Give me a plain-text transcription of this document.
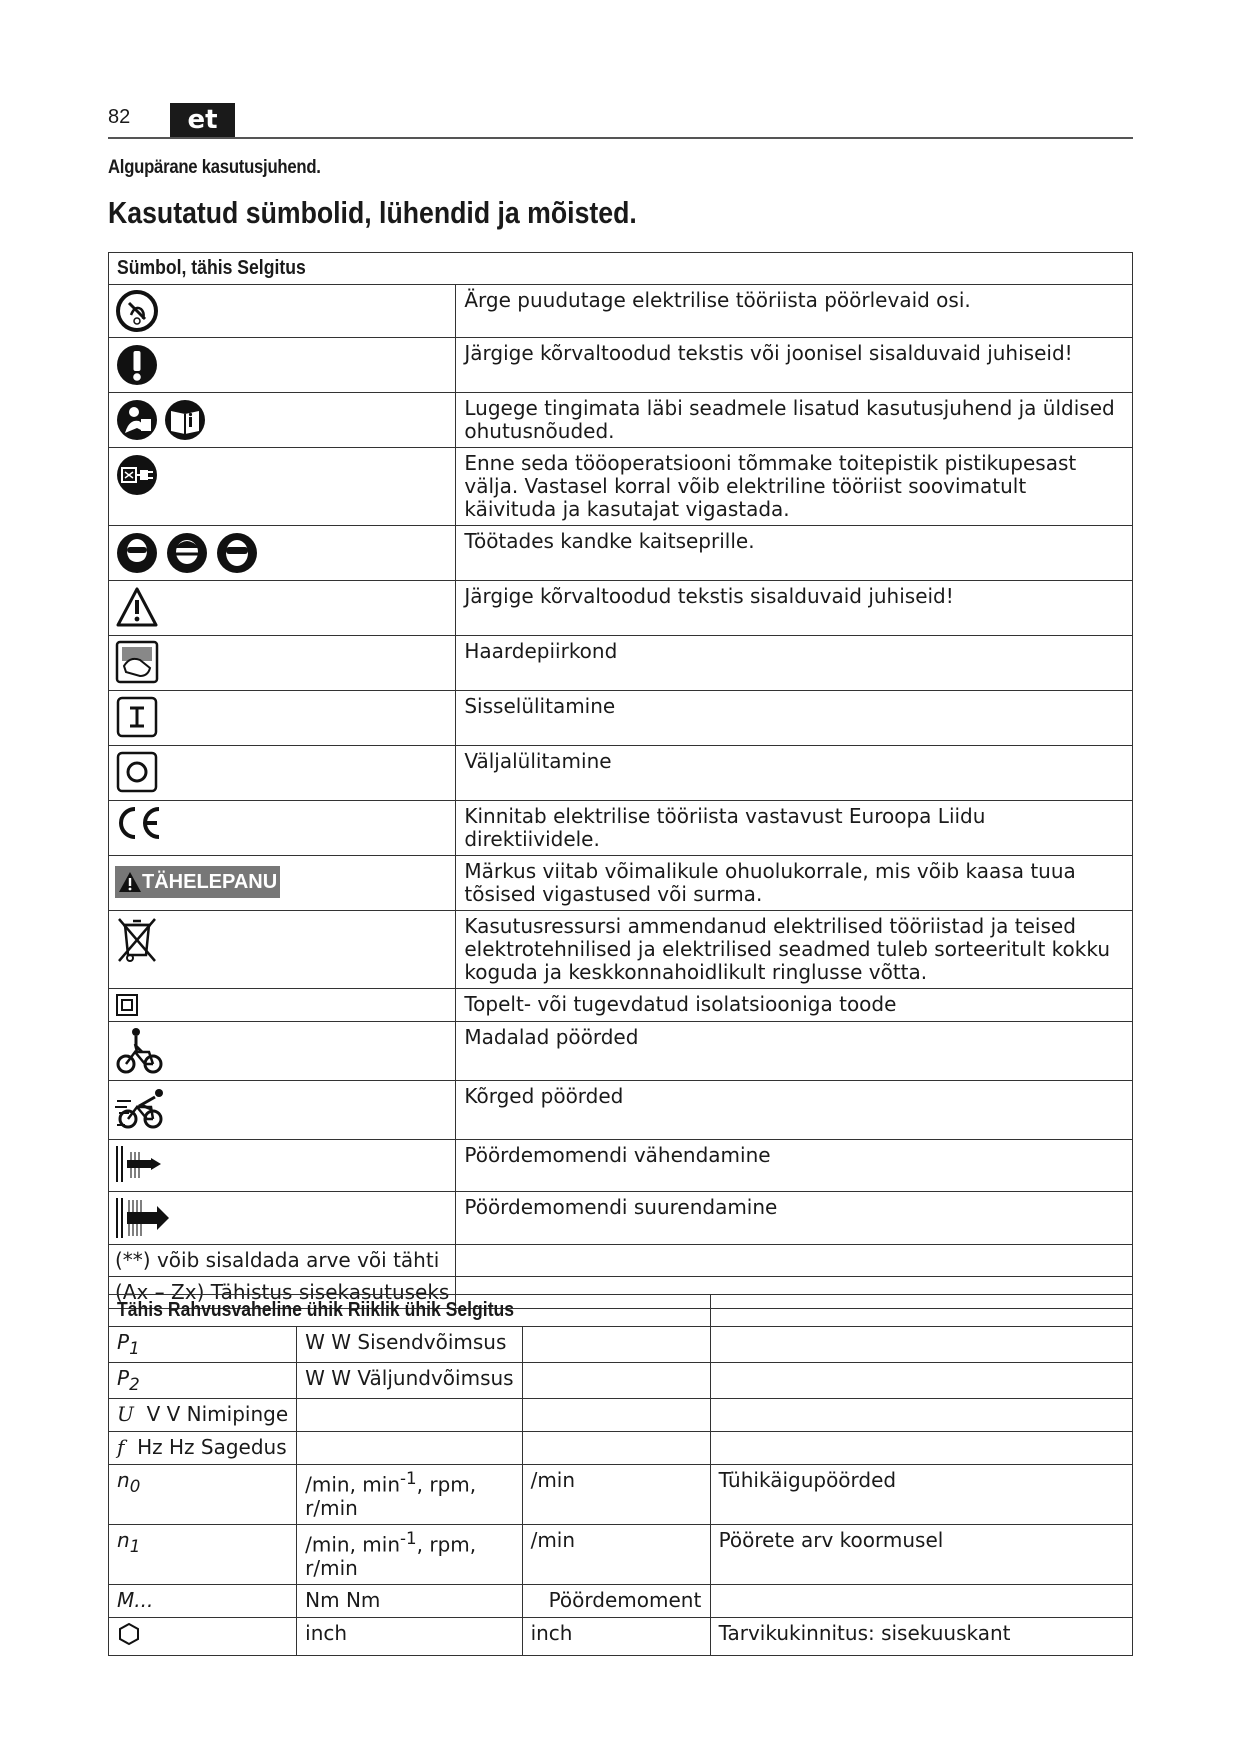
82	et
Algupärane kasutusjuhend.
Kasutatud sümbolid, lühendid ja mõisted.
Sümbol, tähis Selgitus	
	Ärge puudutage elektrilise tööriista pöörlevaid osi.
	Järgige kõrvaltoodud tekstis või joonisel sisalduvaid juhiseid!
	Lugege tingimata läbi seadmele lisatud kasutusjuhend ja üldised ohutusnõuded.
	Enne seda tööoperatsiooni tõmmake toitepistik pistikupesast välja. Vastasel korral võib elektriline tööriist soovimatult käivituda ja kasutajat vigastada.
	Töötades kandke kaitseprille.
	Järgige kõrvaltoodud tekstis sisalduvaid juhiseid!
	Haardepiirkond
	Sisselülitamine
	Väljalülitamine
	Kinnitab elektrilise tööriista vastavust Euroopa Liidu direktiividele.

TÄHELEPANU	Märkus viitab võimalikule ohuolukorrale, mis võib kaasa tuua tõsised vigastused või surma.
	Kasutusressursi ammendanud elektrilised tööriistad ja teised elektrotehnilised ja elektrilised seadmed tuleb sorteeritult kokku koguda ja keskkonnahoidlikult ringlusse võtta.
	Topelt- või tugevdatud isolatsiooniga toode
	Madalad pöörded
	Kõrged pöörded
	Pöördemomendi vähendamine
	Pöördemomendi suurendamine
(**) võib sisaldada arve või tähti	
(Ax – Zx) Tähistus sisekasutuseks	
Tähis Rahvusvaheline ühik Riiklik ühik Selgitus			
$P_1$	W W Sisendvõimsus		
$P_2$	W W Väljundvõimsus		
U V V Nimipinge			
f Hz Hz Sagedus			
$n_0$	/min, $\min^{-1}$, rpm, r/min	/min	Tühikäigupöörded
$n_1$	/min, $\min^{-1}$, rpm, r/min	/min	Pöörete arv koormusel
M...	Nm Nm	Pöördemoment	
	inch	inch	Tarvikukinnitus: sisekuuskant
